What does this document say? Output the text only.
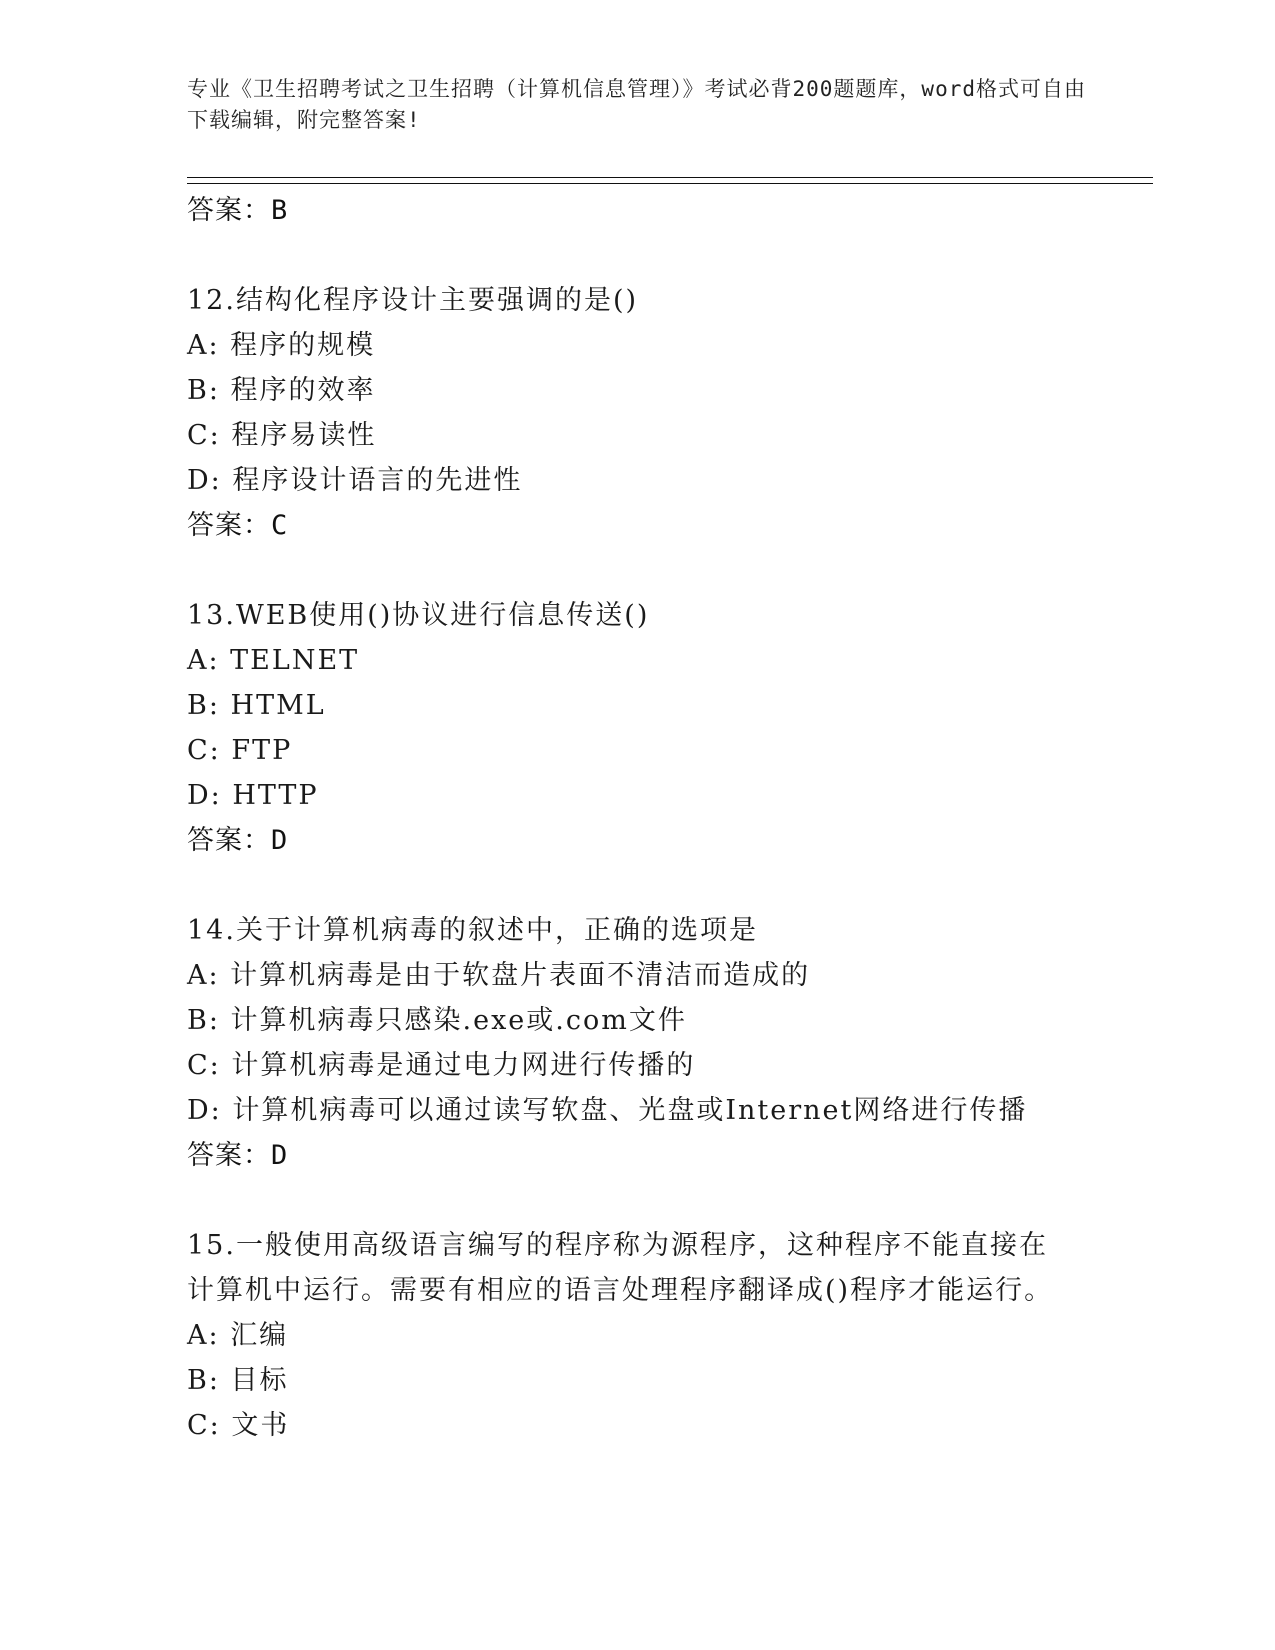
专业《卫生招聘考试之卫生招聘（计算机信息管理）》考试必背200题题库，word格式可自由下载编辑，附完整答案!
答案：B
12.结构化程序设计主要强调的是()
A: 程序的规模
B: 程序的效率
C: 程序易读性
D: 程序设计语言的先进性
答案：C
13.WEB使用()协议进行信息传送()
A: TELNET
B: HTML
C: FTP
D: HTTP
答案：D
14.关于计算机病毒的叙述中，正确的选项是
A: 计算机病毒是由于软盘片表面不清洁而造成的
B: 计算机病毒只感染.exe或.com文件
C: 计算机病毒是通过电力网进行传播的
D: 计算机病毒可以通过读写软盘、光盘或Internet网络进行传播
答案：D
15.一般使用高级语言编写的程序称为源程序，这种程序不能直接在计算机中运行。需要有相应的语言处理程序翻译成()程序才能运行。
A: 汇编
B: 目标
C: 文书
